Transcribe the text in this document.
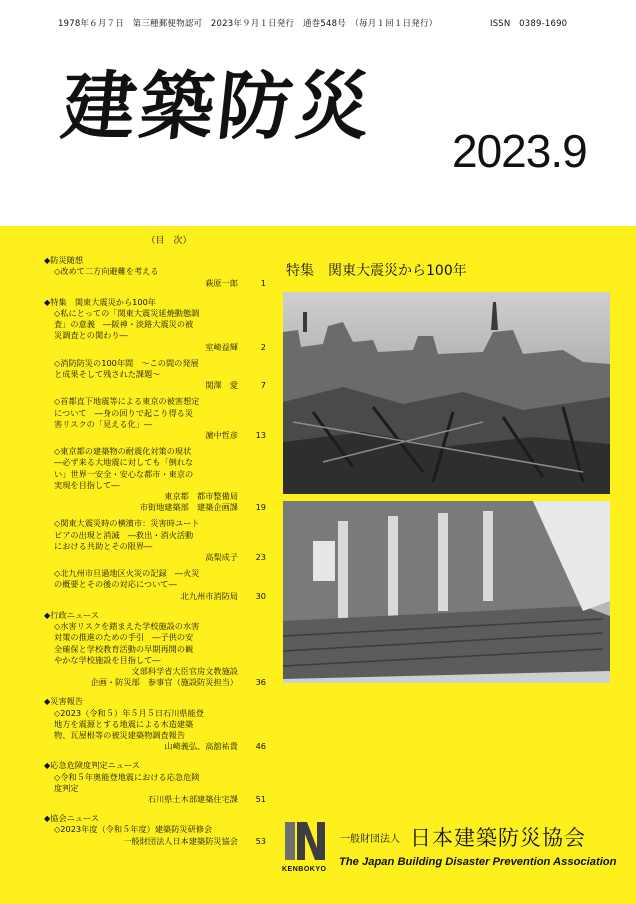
1978年６月７日　第三種郵便物認可　2023年９月１日発行　通巻548号　（毎月１回１日発行）	ISSN　0389-1690
建築防災
2023.9
（目　次）
◆防災随想
◇改めて二方向避難を考える
萩原一郎	1
◆特集　関東大震災から100年
◇私にとっての「関東大震災延焼動態調
査」の意義　―阪神・淡路大震災の被
災調査との関わり―
室崎益輝	2
◇消防防災の100年間　～この間の発展
と成果そして残された課題～
関澤　愛	7
◇首都直下地震等による東京の被害想定
について　―身の回りで起こり得る災
害リスクの「見える化」―
濵中哲彦	13
◇東京都の建築物の耐震化対策の現状
―必ず来る大地震に対しても「倒れな
い」世界一安全・安心な都市・東京の
実現を目指して―
東京都　都市整備局
市街地建築部　建築企画課	19
◇関東大震災時の横濱市：災害時ユート
ピアの出現と消滅　―救出・消火活動
における共助とその限界―
高梨成子	23
◇北九州市旦過地区火災の記録　―火災
の概要とその後の対応について―
北九州市消防局	30
◆行政ニュース
◇水害リスクを踏まえた学校施設の水害
対策の推進のための手引　―子供の安
全確保と学校教育活動の早期再開の観
やかな学校施設を目指して―
文部科学省大臣官房文教施設
企画・防災部　参事官（施設防災担当）	36
◆災害報告
◇2023（令和５）年５月５日石川県能登
地方を震源とする地震による木造建築
物、瓦屋根等の被災建築物調査報告
山崎義弘、高舘祐貴	46
◆応急危険度判定ニュース
◇令和５年奥能登地震における応急危険
度判定
石川県土木部建築住宅課	51
◆協会ニュース
◇2023年度（令和５年度）建築防災研修会
一般財団法人日本建築防災協会	53
特集　関東大震災から100年
KENBOKYO
一般財団法人 日本建築防災協会
The Japan Building Disaster Prevention Association
